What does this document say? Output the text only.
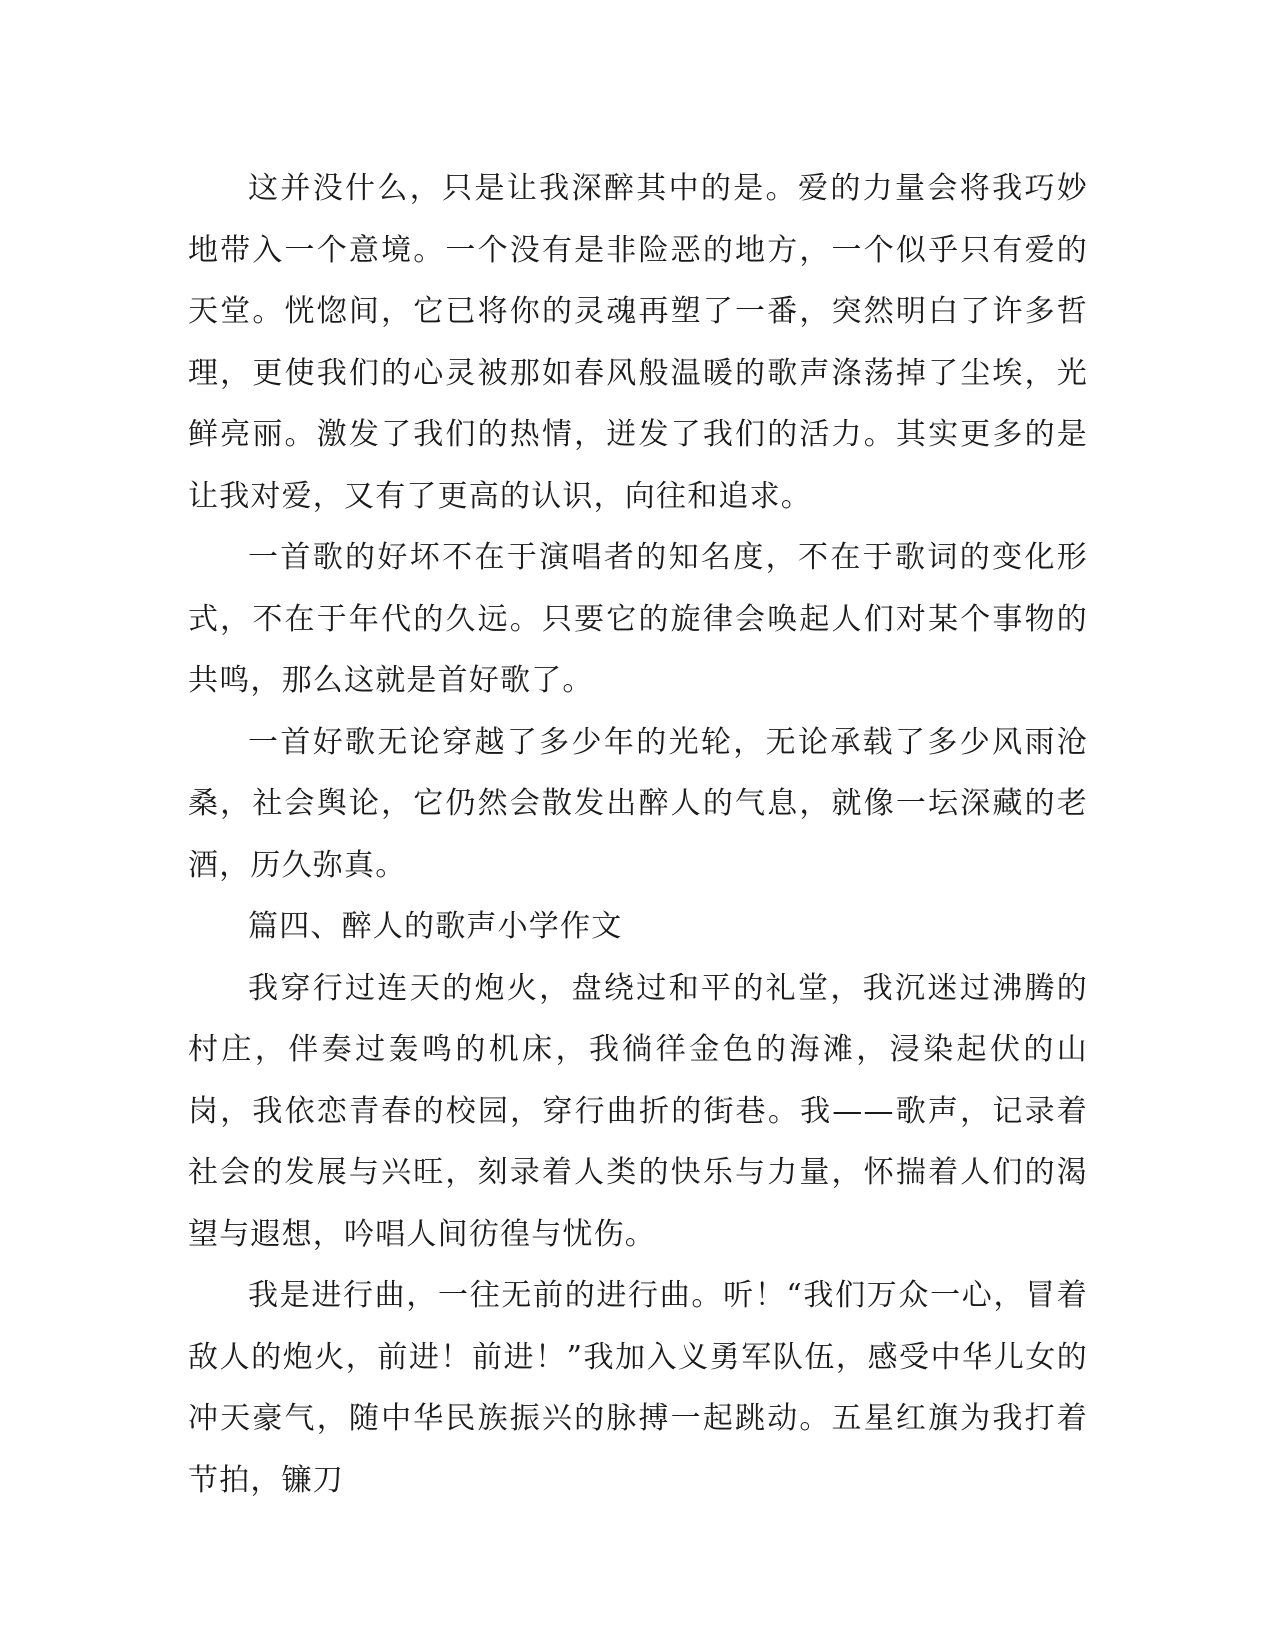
这并没什么，只是让我深醉其中的是。爱的力量会将我巧妙地带入一个意境。一个没有是非险恶的地方，一个似乎只有爱的天堂。恍惚间，它已将你的灵魂再塑了一番，突然明白了许多哲理，更使我们的心灵被那如春风般温暖的歌声涤荡掉了尘埃，光鲜亮丽。激发了我们的热情，迸发了我们的活力。其实更多的是让我对爱，又有了更高的认识，向往和追求。

一首歌的好坏不在于演唱者的知名度，不在于歌词的变化形式，不在于年代的久远。只要它的旋律会唤起人们对某个事物的共鸣，那么这就是首好歌了。

一首好歌无论穿越了多少年的光轮，无论承载了多少风雨沧桑，社会舆论，它仍然会散发出醉人的气息，就像一坛深藏的老酒，历久弥真。

篇四、醉人的歌声小学作文

我穿行过连天的炮火，盘绕过和平的礼堂，我沉迷过沸腾的村庄，伴奏过轰鸣的机床，我徜徉金色的海滩，浸染起伏的山岗，我依恋青春的校园，穿行曲折的街巷。我——歌声，记录着社会的发展与兴旺，刻录着人类的快乐与力量，怀揣着人们的渴望与遐想，吟唱人间彷徨与忧伤。

我是进行曲，一往无前的进行曲。听！“我们万众一心，冒着敌人的炮火，前进！前进！”我加入义勇军队伍，感受中华儿女的冲天豪气，随中华民族振兴的脉搏一起跳动。五星红旗为我打着节拍，镰刀
